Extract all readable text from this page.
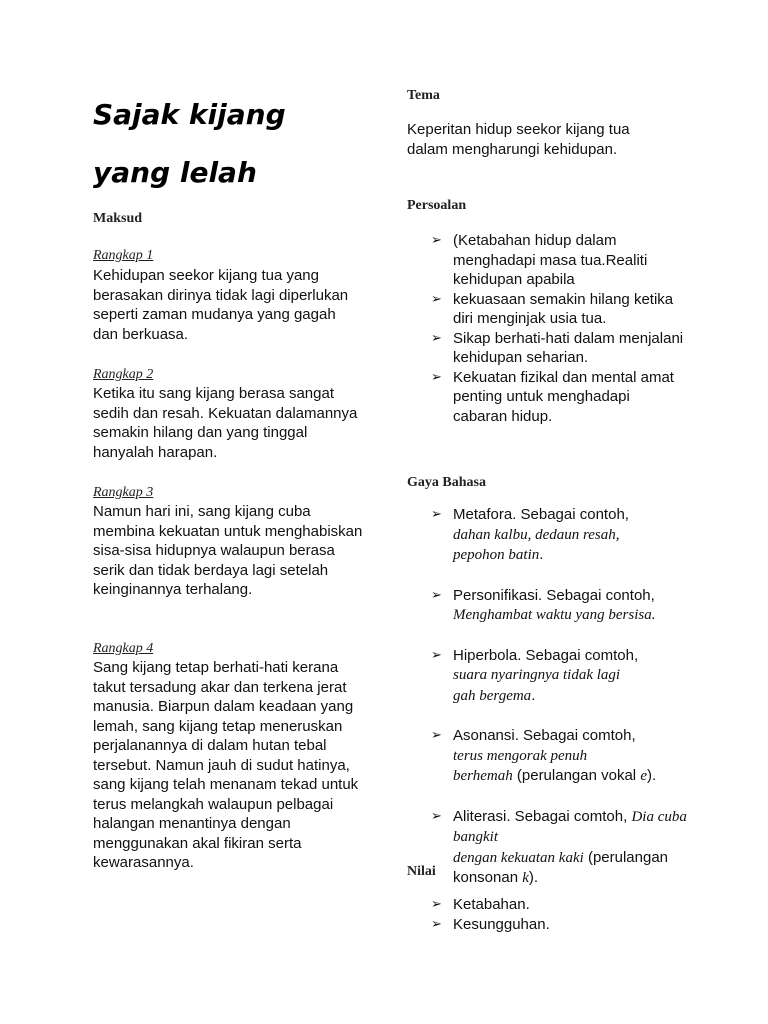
Sajak kijang
yang lelah
Maksud
Rangkap 1

Kehidupan seekor kijang tua yang berasakan dirinya tidak lagi diperlukan seperti zaman mudanya yang gagah dan berkuasa.

Rangkap 2

Ketika itu sang kijang berasa sangat sedih dan resah. Kekuatan dalamannya semakin hilang dan yang tinggal hanyalah harapan.

Rangkap 3

Namun hari ini, sang kijang cuba membina kekuatan untuk menghabiskan sisa-sisa hidupnya walaupun berasa serik dan tidak berdaya lagi setelah keinginannya terhalang.

Rangkap 4

Sang kijang tetap berhati-hati kerana takut tersadung akar dan terkena jerat manusia. Biarpun dalam keadaan yang lemah, sang kijang tetap meneruskan perjalanannya di dalam hutan tebal tersebut. Namun jauh di sudut hatinya, sang kijang telah menanam tekad untuk terus melangkah walaupun pelbagai halangan menantinya dengan menggunakan akal fikiran serta kewarasannya.

Tema

Keperitan hidup seekor kijang tua dalam mengharungi kehidupan.

Persoalan
➢ (Ketabahan hidup dalam menghadapi masa tua.Realiti kehidupan apabila
➢ kekuasaan semakin hilang ketika diri menginjak usia tua.
➢ Sikap berhati-hati dalam menjalani kehidupan seharian.
➢ Kekuatan fizikal dan mental amat penting untuk menghadapi cabaran hidup.
Gaya Bahasa
➢ Metafora. Sebagai contoh,
dahan kalbu, dedaun resah,
pepohon batin.
➢ Personifikasi. Sebagai contoh,
Menghambat waktu yang bersisa.
➢ Hiperbola. Sebagai comtoh,
suara nyaringnya tidak lagi
gah bergema.
➢ Asonansi. Sebagai comtoh,
terus mengorak penuh
berhemah (perulangan vokal e).
➢ Aliterasi. Sebagai comtoh, Dia cuba bangkit
dengan kekuatan kaki (perulangan konsonan k).
Nilai
➢ Ketabahan.
➢ Kesungguhan.
